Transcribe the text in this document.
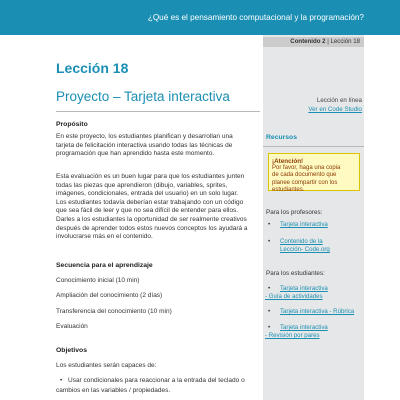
¿Qué es el pensamiento computacional y la programación?
Contenido 2 | Lección 18
Lección 18
Proyecto – Tarjeta interactiva
Propósito
En este proyecto, los estudiantes planifican y desarrollan una
tarjeta de felicitación interactiva usando todas las técnicas de
programación que han aprendido hasta este momento.
Esta evaluación es un buen lugar para que los estudiantes junten
todas las piezas que aprendieron (dibujo, variables, sprites,
imágenes, condicionales, entrada del usuario) en un solo lugar.
Los estudiantes todavía deberían estar trabajando con un código
que sea fácil de leer y que no sea difícil de entender para ellos.
Darles a los estudiantes la oportunidad de ser realmente creativos
después de aprender todos estos nuevos conceptos los ayudará a
involucrarse más en el contenido.
Secuencia para el aprendizaje
Conocimiento inicial (10 min)
Ampliación del conocimiento (2 días)
Transferencia del conocimiento (10 min)
Evaluación
Objetivos
Los estudiantes serán capaces de:
• Usar condicionales para reaccionar a la entrada del teclado o
cambios en las variables / propiedades.
Lección en línea
Ver en Code Studio
Recursos
¡Atención!
Por favor, haga una copia
de cada documento que
planee compartir con los
estudiantes.
Para los profesores:
• Tarjeta interactiva
• Contenido de la
Lección- Code.org
Para los estudiantes:
•	Tarjeta interactiva
- Guía de actividades
• Tarjeta interactiva - Rúbrica
•	Tarjeta interactiva
- Revisión por pares
